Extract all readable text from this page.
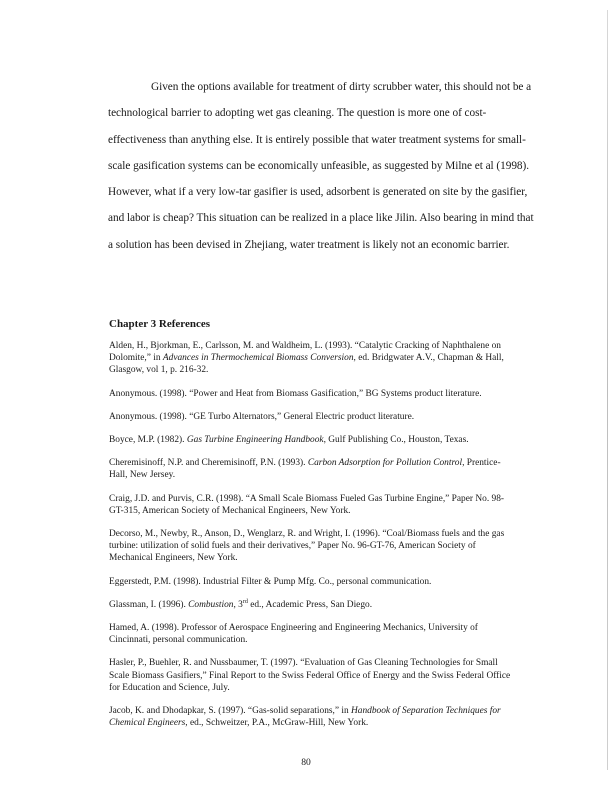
Given the options available for treatment of dirty scrubber water, this should not be a
technological barrier to adopting wet gas cleaning. The question is more one of cost-
effectiveness than anything else. It is entirely possible that water treatment systems for small-
scale gasification systems can be economically unfeasible, as suggested by Milne et al (1998).
However, what if a very low-tar gasifier is used, adsorbent is generated on site by the gasifier,
and labor is cheap? This situation can be realized in a place like Jilin. Also bearing in mind that
a solution has been devised in Zhejiang, water treatment is likely not an economic barrier.
Chapter 3 References
Alden, H., Bjorkman, E., Carlsson, M. and Waldheim, L. (1993). “Catalytic Cracking of Naphthalene on
Dolomite,” in Advances in Thermochemical Biomass Conversion, ed. Bridgwater A.V., Chapman & Hall,
Glasgow, vol 1, p. 216-32.
Anonymous. (1998). “Power and Heat from Biomass Gasification,” BG Systems product literature.
Anonymous. (1998). “GE Turbo Alternators,” General Electric product literature.
Boyce, M.P. (1982). Gas Turbine Engineering Handbook, Gulf Publishing Co., Houston, Texas.
Cheremisinoff, N.P. and Cheremisinoff, P.N. (1993). Carbon Adsorption for Pollution Control, Prentice-
Hall, New Jersey.
Craig, J.D. and Purvis, C.R. (1998). “A Small Scale Biomass Fueled Gas Turbine Engine,” Paper No. 98-
GT-315, American Society of Mechanical Engineers, New York.
Decorso, M., Newby, R., Anson, D., Wenglarz, R. and Wright, I. (1996). “Coal/Biomass fuels and the gas
turbine: utilization of solid fuels and their derivatives,” Paper No. 96-GT-76, American Society of
Mechanical Engineers, New York.
Eggerstedt, P.M. (1998). Industrial Filter & Pump Mfg. Co., personal communication.
Glassman, I. (1996). Combustion, 3rd ed., Academic Press, San Diego.
Hamed, A. (1998). Professor of Aerospace Engineering and Engineering Mechanics, University of
Cincinnati, personal communication.
Hasler, P., Buehler, R. and Nussbaumer, T. (1997). “Evaluation of Gas Cleaning Technologies for Small
Scale Biomass Gasifiers,” Final Report to the Swiss Federal Office of Energy and the Swiss Federal Office
for Education and Science, July.
Jacob, K. and Dhodapkar, S. (1997). “Gas-solid separations,” in Handbook of Separation Techniques for
Chemical Engineers, ed., Schweitzer, P.A., McGraw-Hill, New York.
80
